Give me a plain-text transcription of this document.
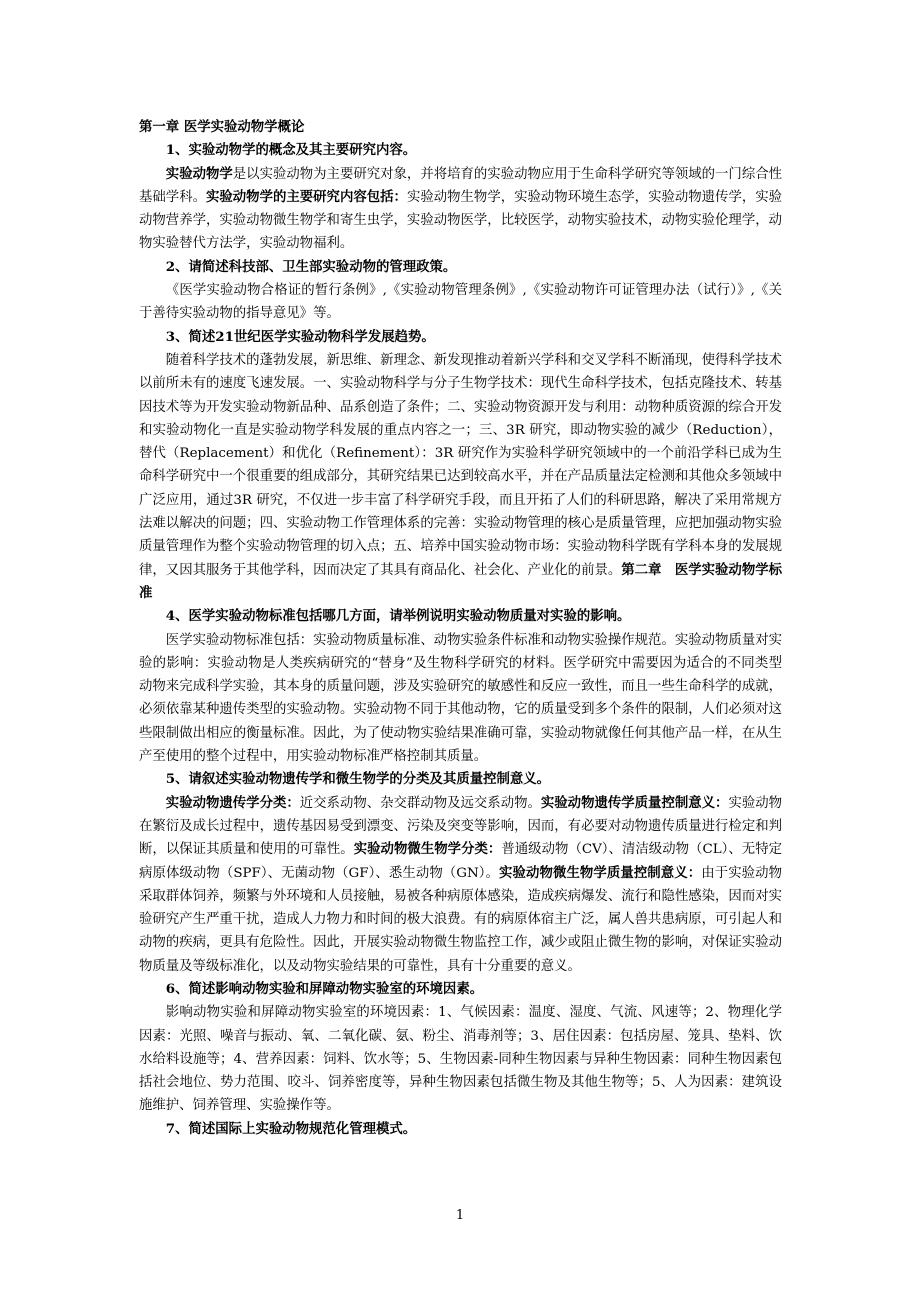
第一章 医学实验动物学概论

1、实验动物学的概念及其主要研究内容。

实验动物学是以实验动物为主要研究对象，并将培育的实验动物应用于生命科学研究等领域的一门综合性基础学科。实验动物学的主要研究内容包括：实验动物生物学，实验动物环境生态学，实验动物遗传学，实验动物营养学，实验动物微生物学和寄生虫学，实验动物医学，比较医学，动物实验技术，动物实验伦理学，动物实验替代方法学，实验动物福利。

2、请简述科技部、卫生部实验动物的管理政策。

《医学实验动物合格证的暂行条例》,《实验动物管理条例》,《实验动物许可证管理办法（试行）》,《关于善待实验动物的指导意见》等。

3、简述21世纪医学实验动物科学发展趋势。

随着科学技术的蓬勃发展，新思维、新理念、新发现推动着新兴学科和交叉学科不断涌现，使得科学技术以前所未有的速度飞速发展。一、实验动物科学与分子生物学技术：现代生命科学技术，包括克隆技术、转基因技术等为开发实验动物新品种、品系创造了条件；二、实验动物资源开发与利用：动物种质资源的综合开发和实验动物化一直是实验动物学科发展的重点内容之一；三、3R 研究，即动物实验的减少（Reduction），替代（Replacement）和优化（Refinement）：3R 研究作为实验科学研究领域中的一个前沿学科已成为生命科学研究中一个很重要的组成部分，其研究结果已达到较高水平，并在产品质量法定检测和其他众多领域中广泛应用，通过3R 研究，不仅进一步丰富了科学研究手段，而且开拓了人们的科研思路，解决了采用常规方法难以解决的问题；四、实验动物工作管理体系的完善：实验动物管理的核心是质量管理，应把加强动物实验质量管理作为整个实验动物管理的切入点；五、培养中国实验动物市场：实验动物科学既有学科本身的发展规律，又因其服务于其他学科，因而决定了其具有商品化、社会化、产业化的前景。第二章　医学实验动物学标准

4、医学实验动物标准包括哪几方面，请举例说明实验动物质量对实验的影响。

医学实验动物标准包括：实验动物质量标准、动物实验条件标准和动物实验操作规范。实验动物质量对实验的影响：实验动物是人类疾病研究的“替身”及生物科学研究的材料。医学研究中需要因为适合的不同类型动物来完成科学实验，其本身的质量问题，涉及实验研究的敏感性和反应一致性，而且一些生命科学的成就，必须依靠某种遗传类型的实验动物。实验动物不同于其他动物，它的质量受到多个条件的限制，人们必须对这些限制做出相应的衡量标准。因此，为了使动物实验结果准确可靠，实验动物就像任何其他产品一样，在从生产至使用的整个过程中，用实验动物标准严格控制其质量。

5、请叙述实验动物遗传学和微生物学的分类及其质量控制意义。

实验动物遗传学分类：近交系动物、杂交群动物及远交系动物。实验动物遗传学质量控制意义：实验动物在繁衍及成长过程中，遗传基因易受到漂变、污染及突变等影响，因而，有必要对动物遗传质量进行检定和判断，以保证其质量和使用的可靠性。实验动物微生物学分类：普通级动物（CV）、清洁级动物（CL）、无特定病原体级动物（SPF）、无菌动物（GF）、悉生动物（GN）。实验动物微生物学质量控制意义：由于实验动物采取群体饲养，频繁与外环境和人员接触，易被各种病原体感染，造成疾病爆发、流行和隐性感染，因而对实验研究产生严重干扰，造成人力物力和时间的极大浪费。有的病原体宿主广泛，属人兽共患病原，可引起人和动物的疾病，更具有危险性。因此，开展实验动物微生物监控工作，减少或阻止微生物的影响，对保证实验动物质量及等级标准化，以及动物实验结果的可靠性，具有十分重要的意义。

6、简述影响动物实验和屏障动物实验室的环境因素。

影响动物实验和屏障动物实验室的环境因素：1、气候因素：温度、湿度、气流、风速等；2、物理化学因素：光照、噪音与振动、氧、二氧化碳、氨、粉尘、消毒剂等；3、居住因素：包括房屋、笼具、垫料、饮水给料设施等；4、营养因素：饲料、饮水等；5、生物因素-同种生物因素与异种生物因素：同种生物因素包括社会地位、势力范围、咬斗、饲养密度等，异种生物因素包括微生物及其他生物等；5、人为因素：建筑设施维护、饲养管理、实验操作等。

7、简述国际上实验动物规范化管理模式。

1
